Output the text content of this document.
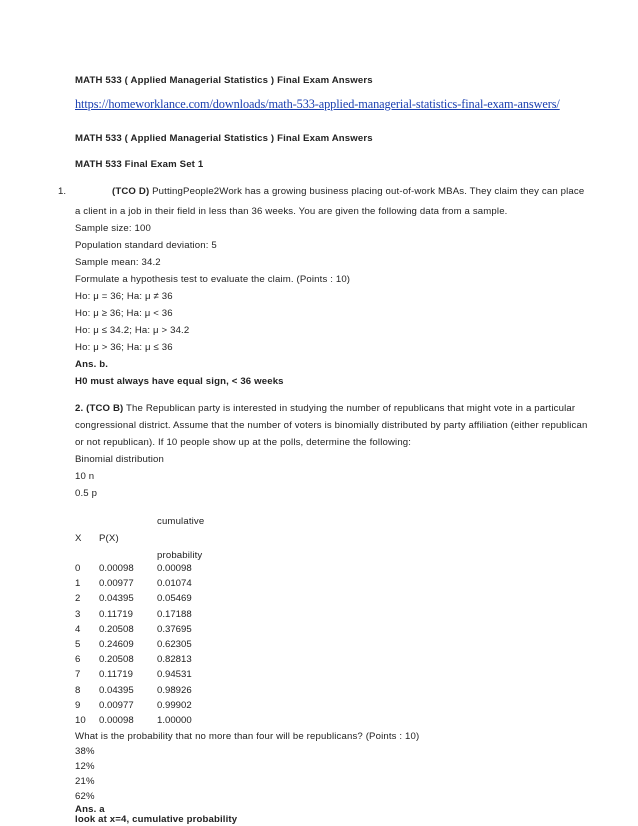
MATH 533 ( Applied Managerial Statistics ) Final Exam Answers
https://homeworklance.com/downloads/math-533-applied-managerial-statistics-final-exam-answers/
MATH 533 ( Applied Managerial Statistics ) Final Exam Answers
MATH 533 Final Exam Set 1
1.	(TCO D) PuttingPeople2Work has a growing business placing out-of-work MBAs. They claim they can place
a client in a job in their field in less than 36 weeks. You are given the following data from a sample.
Sample size: 100
Population standard deviation: 5
Sample mean: 34.2
Formulate a hypothesis test to evaluate the claim. (Points : 10)
Ho: μ = 36; Ha: μ ≠ 36
Ho: μ ≥ 36; Ha: μ < 36
Ho: μ ≤ 34.2; Ha: μ > 34.2
Ho: μ > 36; Ha: μ ≤ 36
Ans. b.
H0 must always have equal sign, < 36 weeks
2. (TCO B) The Republican party is interested in studying the number of republicans that might vote in a particular
congressional district. Assume that the number of voters is binomially distributed by party affiliation (either republican
or not republican). If 10 people show up at the polls, determine the following:
Binomial distribution
10 n
0.5 p
cumulative
X P(X)
probability
0 0.00098 0.00098
1 0.00977 0.01074
2 0.04395 0.05469
3 0.11719	0.17188
4 0.20508 0.37695
5 0.24609 0.62305
6 0.20508 0.82813
7 0.11719	0.94531
8 0.04395 0.98926
9 0.00977 0.99902
10 0.00098 1.00000
What is the probability that no more than four will be republicans? (Points : 10)
38%
12%
21%
62%
Ans. a
look at x=4, cumulative probability
